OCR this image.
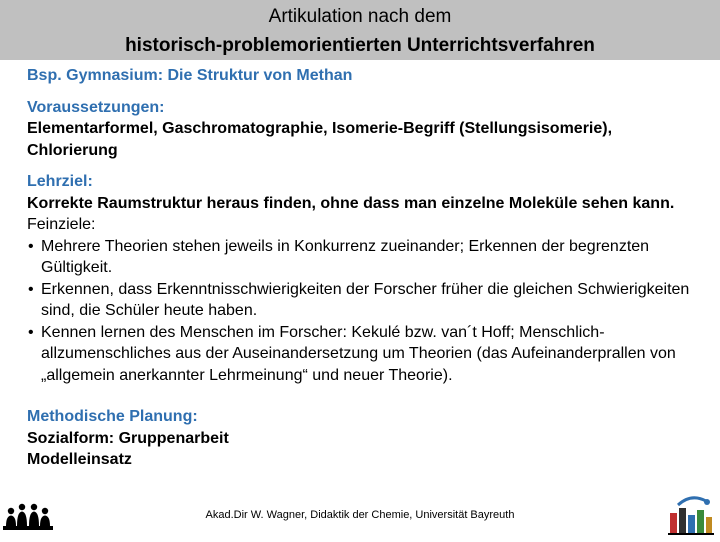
Artikulation nach dem
historisch-problemorientierten Unterrichtsverfahren
Bsp. Gymnasium: Die Struktur von Methan
Voraussetzungen:
Elementarformel, Gaschromatographie, Isomerie-Begriff (Stellungsisomerie), Chlorierung
Lehrziel:
Korrekte Raumstruktur heraus finden, ohne dass man einzelne Moleküle sehen kann.
Feinziele:
• Mehrere Theorien stehen jeweils in Konkurrenz zueinander; Erkennen der begrenzten Gültigkeit.
• Erkennen, dass Erkenntnisschwierigkeiten der Forscher früher die gleichen Schwierigkeiten sind, die Schüler heute haben.
• Kennen lernen des Menschen im Forscher: Kekulé bzw. van´t Hoff; Menschlich-allzumenschliches aus der Auseinandersetzung um Theorien (das Aufeinanderprallen von „allgemein anerkannter Lehrmeinung“ und neuer Theorie).
Methodische Planung:
Sozialform: Gruppenarbeit
Modelleinsatz
Akad.Dir W. Wagner, Didaktik der Chemie, Universität Bayreuth
